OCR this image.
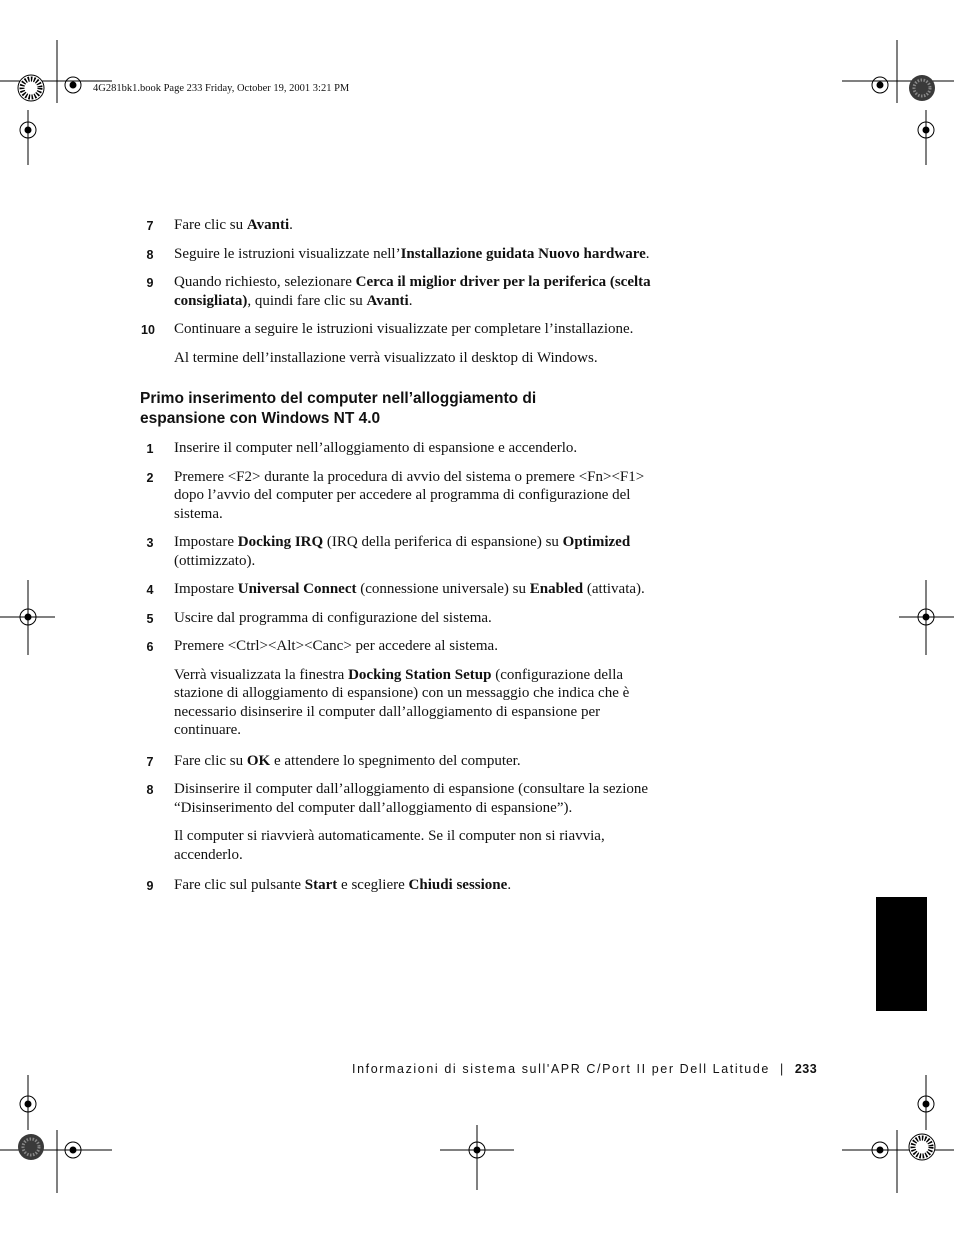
4G281bk1.book Page 233 Friday, October 19, 2001 3:21 PM
7	Fare clic su Avanti.
8	Seguire le istruzioni visualizzate nell’Installazione guidata Nuovo hardware.
9	Quando richiesto, selezionare Cerca il miglior driver per la periferica (scelta consigliata), quindi fare clic su Avanti.
10	Continuare a seguire le istruzioni visualizzate per completare l’installazione.
Al termine dell’installazione verrà visualizzato il desktop di Windows.
Primo inserimento del computer nell’alloggiamento di espansione con Windows NT 4.0
1	Inserire il computer nell’alloggiamento di espansione e accenderlo.
2	Premere <F2> durante la procedura di avvio del sistema o premere <Fn><F1> dopo l’avvio del computer per accedere al programma di configurazione del sistema.
3	Impostare Docking IRQ (IRQ della periferica di espansione) su Optimized (ottimizzato).
4	Impostare Universal Connect (connessione universale) su Enabled (attivata).
5	Uscire dal programma di configurazione del sistema.
6	Premere <Ctrl><Alt><Canc> per accedere al sistema.
Verrà visualizzata la finestra Docking Station Setup (configurazione della stazione di alloggiamento di espansione) con un messaggio che indica che è necessario disinserire il computer dall’alloggiamento di espansione per continuare.
7	Fare clic su OK e attendere lo spegnimento del computer.
8	Disinserire il computer dall’alloggiamento di espansione (consultare la sezione “Disinserimento del computer dall’alloggiamento di espansione”).
Il computer si riavvierà automaticamente. Se il computer non si riavvia, accenderlo.
9	Fare clic sul pulsante Start e scegliere Chiudi sessione.
Informazioni di sistema sull'APR C/Port II per Dell Latitude | 233
